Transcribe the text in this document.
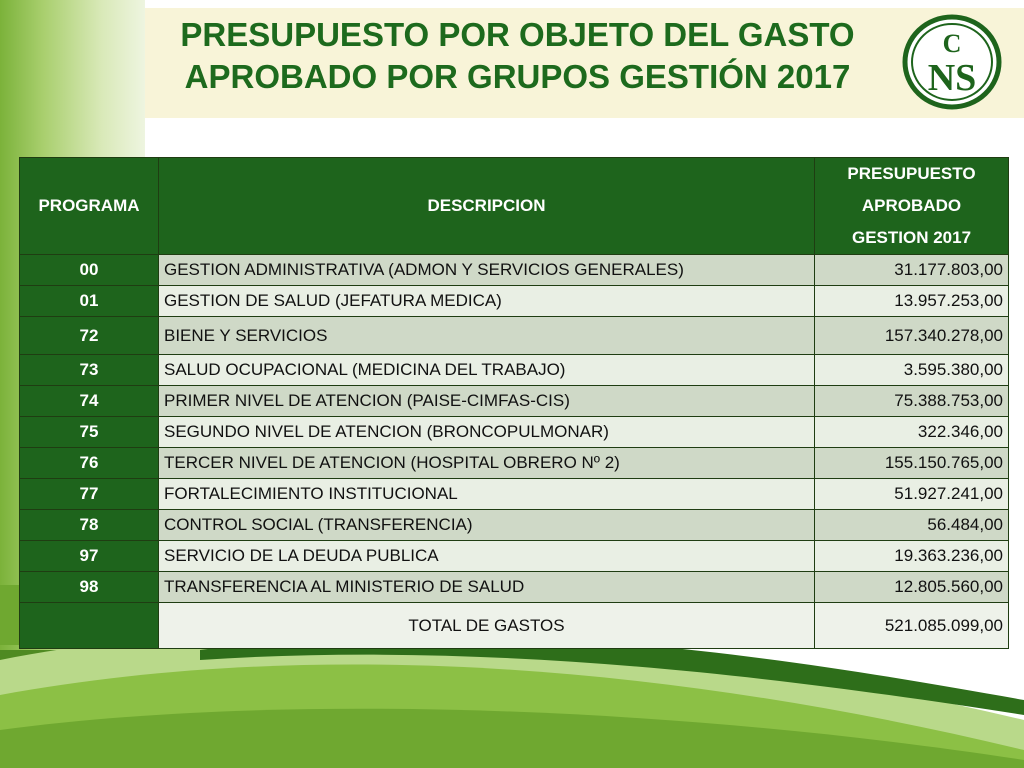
PRESUPUESTO POR OBJETO DEL GASTO
APROBADO POR GRUPOS GESTIÓN 2017
C
NS
PROGRAMA	DESCRIPCION	PRESUPUESTO
APROBADO
GESTION 2017

00	GESTION ADMINISTRATIVA (ADMON Y SERVICIOS GENERALES)	31.177.803,00
01	GESTION DE SALUD (JEFATURA MEDICA)	13.957.253,00
72	BIENE Y SERVICIOS	157.340.278,00
73	SALUD OCUPACIONAL (MEDICINA DEL TRABAJO)	3.595.380,00
74	PRIMER NIVEL DE ATENCION (PAISE-CIMFAS-CIS)	75.388.753,00
75	SEGUNDO NIVEL DE ATENCION (BRONCOPULMONAR)	322.346,00
76	TERCER NIVEL DE ATENCION (HOSPITAL OBRERO Nº 2)	155.150.765,00
77	FORTALECIMIENTO INSTITUCIONAL	51.927.241,00
78	CONTROL SOCIAL (TRANSFERENCIA)	56.484,00
97	SERVICIO DE LA DEUDA PUBLICA	19.363.236,00
98	TRANSFERENCIA AL MINISTERIO DE SALUD	12.805.560,00
	TOTAL DE GASTOS	521.085.099,00
